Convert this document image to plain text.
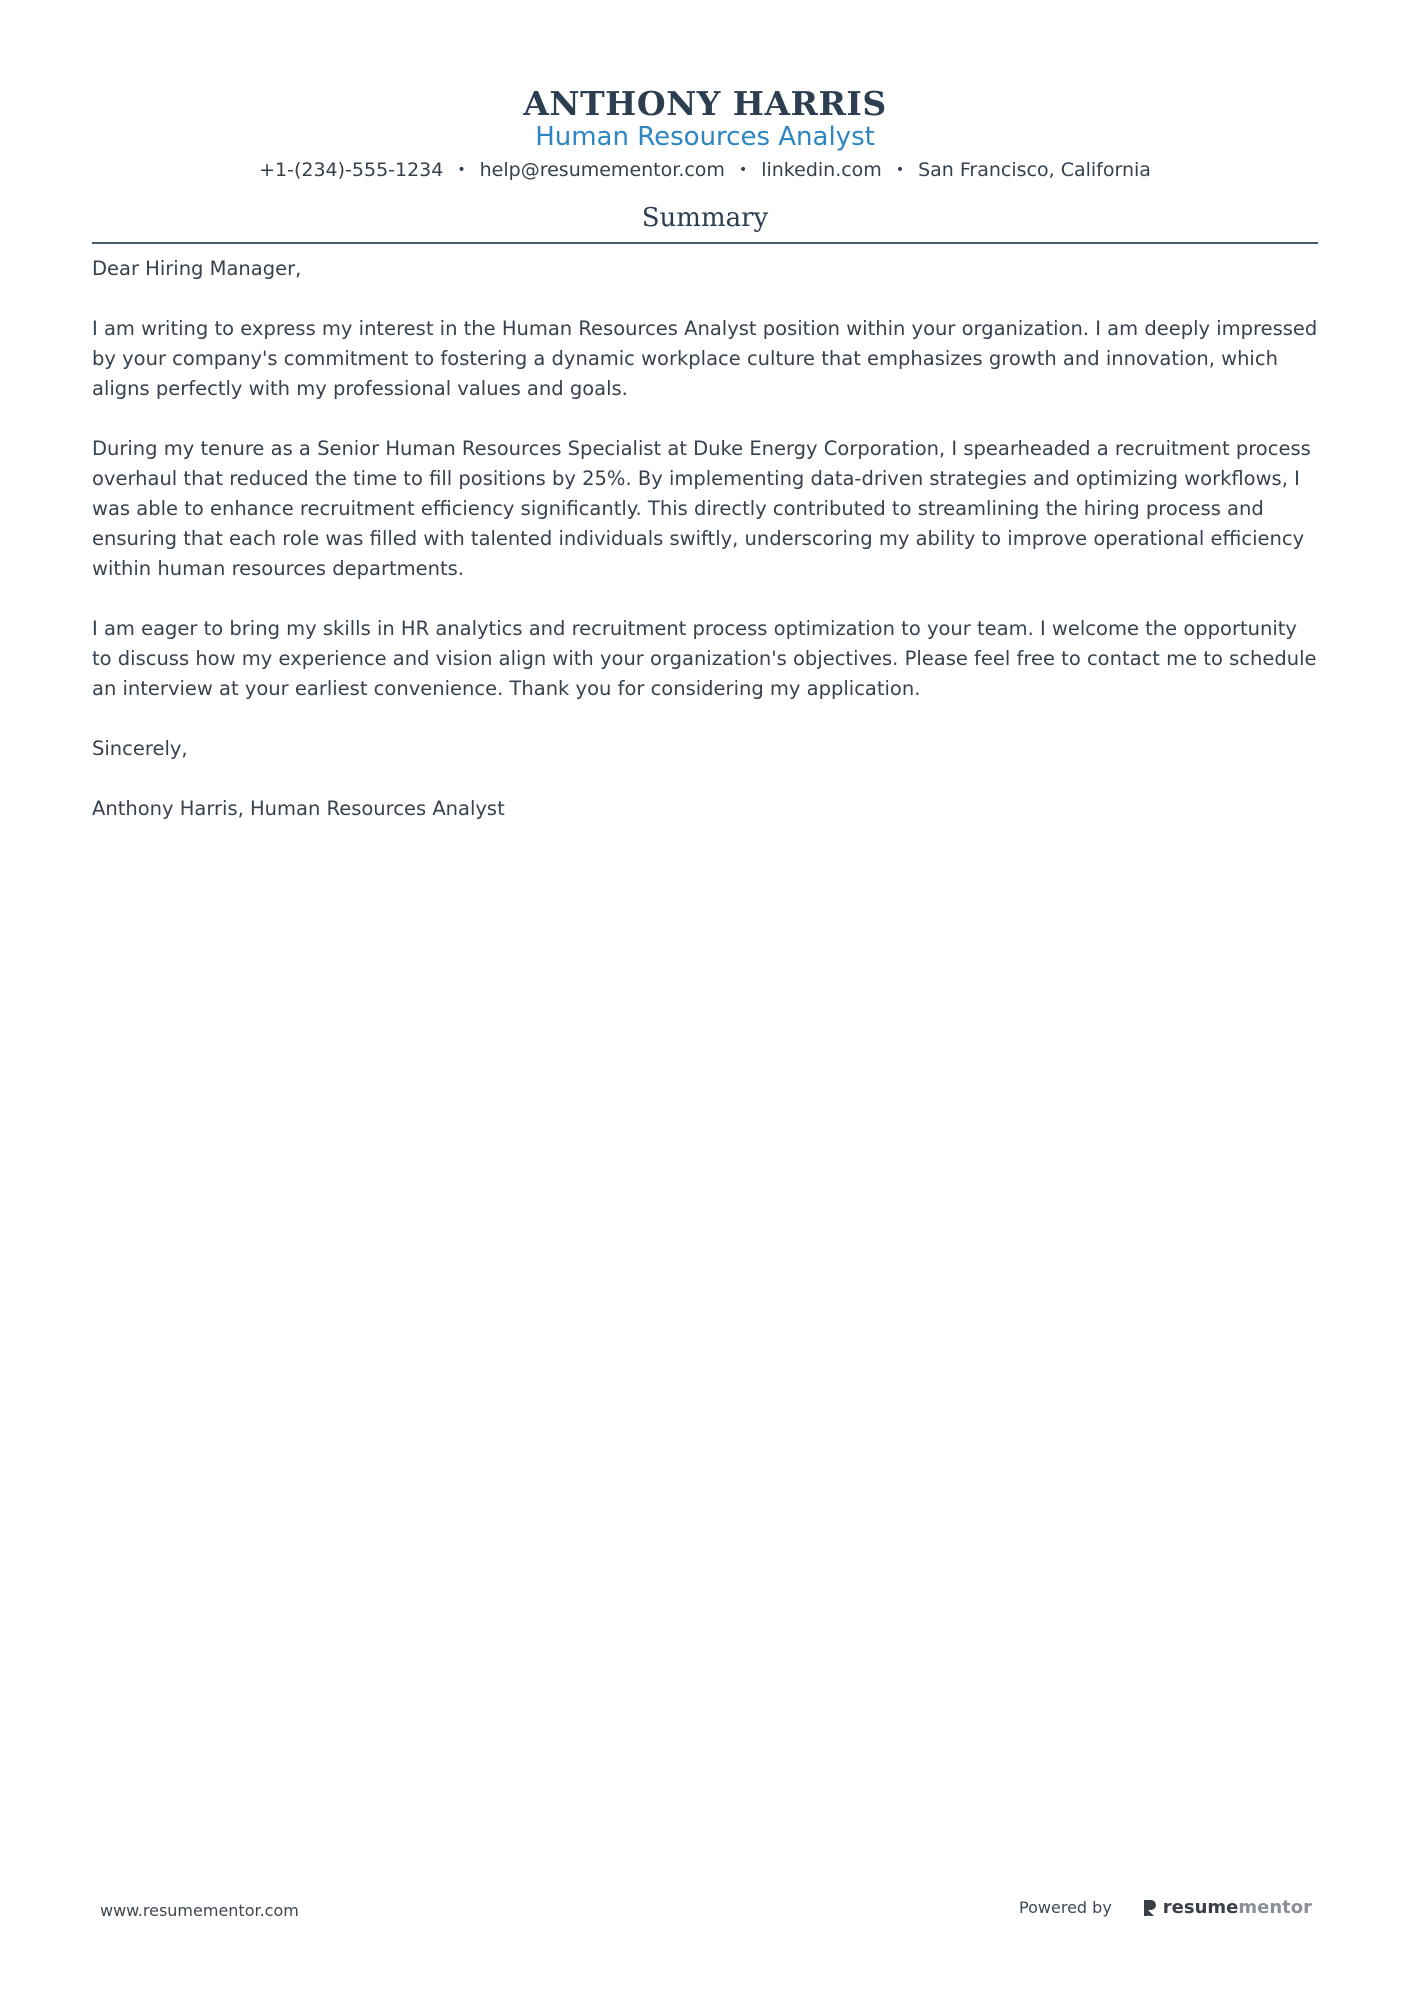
ANTHONY HARRIS
Human Resources Analyst
+1-(234)-555-1234 • help@resumementor.com • linkedin.com • San Francisco, California
Summary

Dear Hiring Manager,

I am writing to express my interest in the Human Resources Analyst position within your organization. I am deeply impressed by your company's commitment to fostering a dynamic workplace culture that emphasizes growth and innovation, which aligns perfectly with my professional values and goals.

During my tenure as a Senior Human Resources Specialist at Duke Energy Corporation, I spearheaded a recruitment process overhaul that reduced the time to fill positions by 25%. By implementing data-driven strategies and optimizing workflows, I was able to enhance recruitment efficiency significantly. This directly contributed to streamlining the hiring process and ensuring that each role was filled with talented individuals swiftly, underscoring my ability to improve operational efficiency within human resources departments.

I am eager to bring my skills in HR analytics and recruitment process optimization to your team. I welcome the opportunity to discuss how my experience and vision align with your organization's objectives. Please feel free to contact me to schedule an interview at your earliest convenience. Thank you for considering my application.

Sincerely,

Anthony Harris, Human Resources Analyst

www.resumementor.com	Powered by	resume mentor
